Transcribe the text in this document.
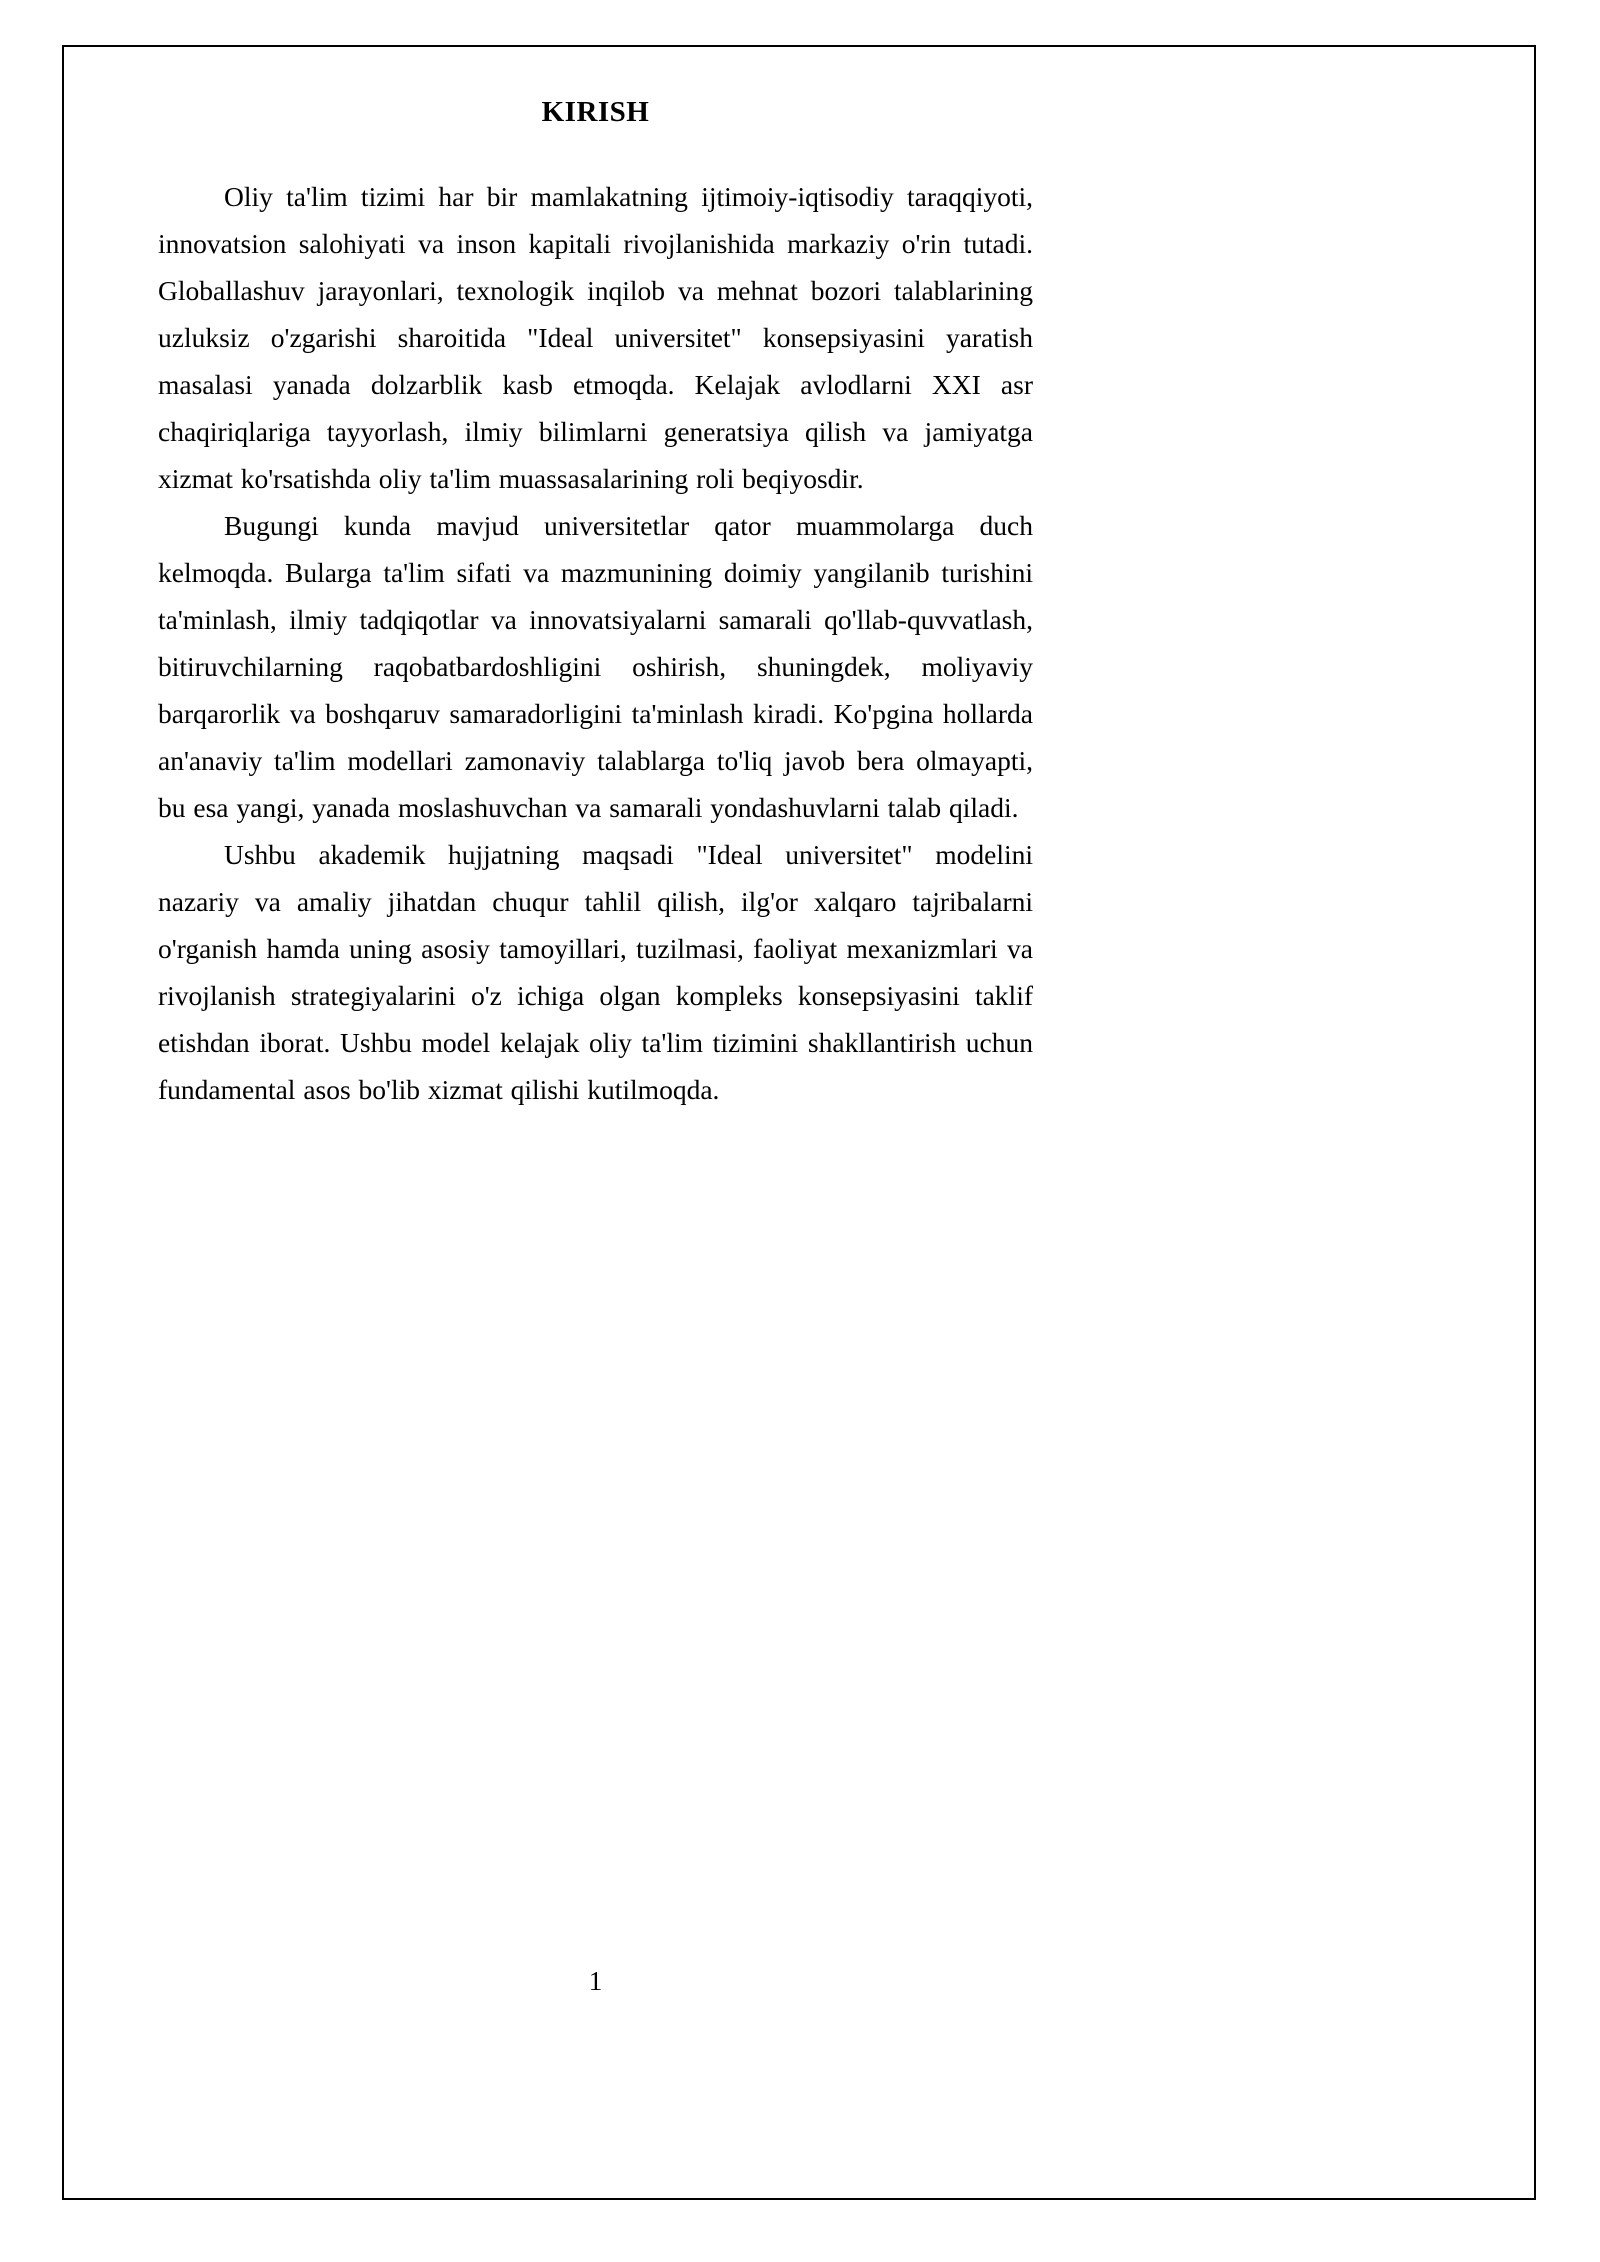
KIRISH

Oliy ta'lim tizimi har bir mamlakatning ijtimoiy-iqtisodiy taraqqiyoti, innovatsion salohiyati va inson kapitali rivojlanishida markaziy o'rin tutadi. Globallashuv jarayonlari, texnologik inqilob va mehnat bozori talablarining uzluksiz o'zgarishi sharoitida "Ideal universitet" konsepsiyasini yaratish masalasi yanada dolzarblik kasb etmoqda. Kelajak avlodlarni XXI asr chaqiriqlariga tayyorlash, ilmiy bilimlarni generatsiya qilish va jamiyatga xizmat ko'rsatishda oliy ta'lim muassasalarining roli beqiyosdir.

Bugungi kunda mavjud universitetlar qator muammolarga duch kelmoqda. Bularga ta'lim sifati va mazmunining doimiy yangilanib turishini ta'minlash, ilmiy tadqiqotlar va innovatsiyalarni samarali qo'llab-quvvatlash, bitiruvchilarning raqobatbardoshligini oshirish, shuningdek, moliyaviy barqarorlik va boshqaruv samaradorligini ta'minlash kiradi. Ko'pgina hollarda an'anaviy ta'lim modellari zamonaviy talablarga to'liq javob bera olmayapti, bu esa yangi, yanada moslashuvchan va samarali yondashuvlarni talab qiladi.

Ushbu akademik hujjatning maqsadi "Ideal universitet" modelini nazariy va amaliy jihatdan chuqur tahlil qilish, ilg'or xalqaro tajribalarni o'rganish hamda uning asosiy tamoyillari, tuzilmasi, faoliyat mexanizmlari va rivojlanish strategiyalarini o'z ichiga olgan kompleks konsepsiyasini taklif etishdan iborat. Ushbu model kelajak oliy ta'lim tizimini shakllantirish uchun fundamental asos bo'lib xizmat qilishi kutilmoqda.

1
